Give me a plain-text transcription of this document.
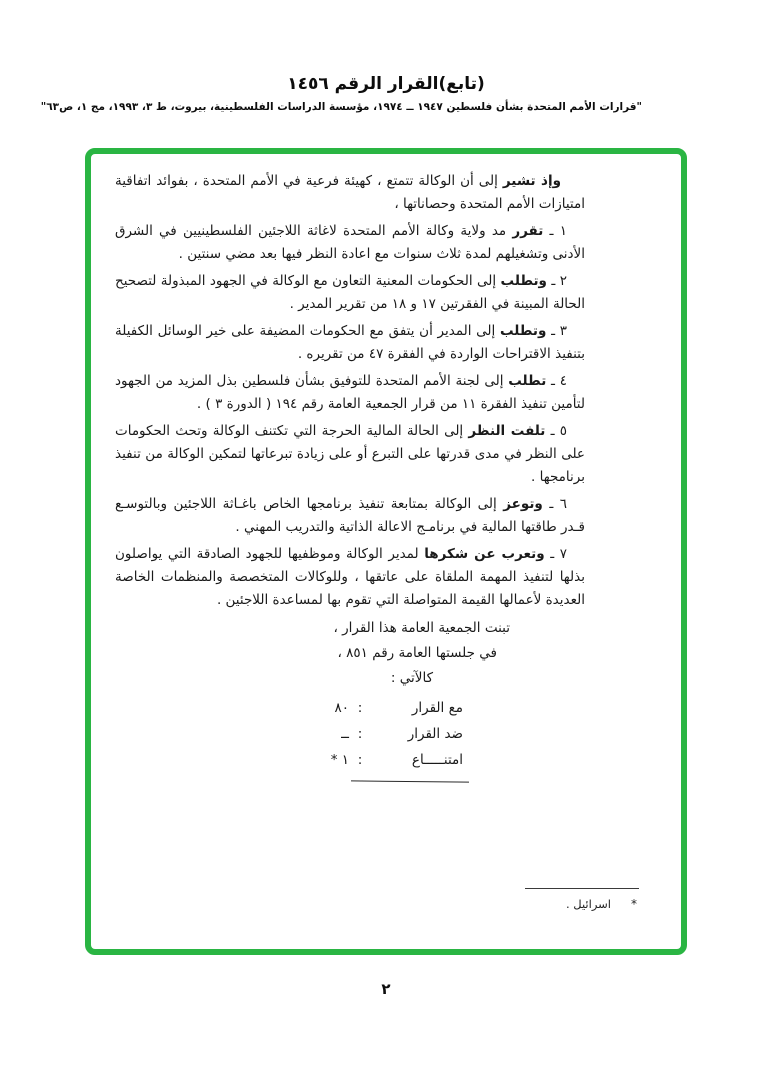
(تابع)القرار الرقم ١٤٥٦
"قرارات الأمم المتحدة بشأن فلسطين ١٩٤٧ ــ ١٩٧٤، مؤسسة الدراسات الفلسطينية، بيروت، ط ٣، ١٩٩٣، مج ١، ص٦٣"

وإذ تشير إلى أن الوكالة تتمتع ، كهيئة فرعية في الأمم المتحدة ، بفوائد اتفاقية امتيازات الأمم المتحدة وحصاناتها ،

١ ـ تقرر مد ولاية وكالة الأمم المتحدة لاغاثة اللاجئين الفلسطينيين في الشرق الأدنى وتشغيلهم لمدة ثلاث سنوات مع اعادة النظر فيها بعد مضي سنتين .

٢ ـ وتطلب إلى الحكومات المعنية التعاون مع الوكالة في الجهود المبذولة لتصحيح الحالة المبينة في الفقرتين ١٧ و ١٨ من تقرير المدير .

٣ ـ وتطلب إلى المدير أن يتفق مع الحكومات المضيفة على خير الوسائل الكفيلة بتنفيذ الاقتراحات الواردة في الفقرة ٤٧ من تقريره .

٤ ـ تطلب إلى لجنة الأمم المتحدة للتوفيق بشأن فلسطين بذل المزيد من الجهود لتأمين تنفيذ الفقرة ١١ من قرار الجمعية العامة رقم ١٩٤ ( الدورة ٣ ) .

٥ ـ تلفت النظر إلى الحالة المالية الحرجة التي تكتنف الوكالة وتحث الحكومات على النظر في مدى قدرتها على التبرع أو على زيادة تبرعاتها لتمكين الوكالة من تنفيذ برنامجها .

٦ ـ وتوعز إلى الوكالة بمتابعة تنفيذ برنامجها الخاص باغـاثة اللاجئين وبالتوسـع قـدر طاقتها المالية في برنامـج الاعالة الذاتية والتدريب المهني .

٧ ـ وتعرب عن شكرها لمدير الوكالة وموظفيها للجهود الصادقة التي يواصلون بذلها لتنفيذ المهمة الملقاة على عاتقها ، وللوكالات المتخصصة والمنظمات الخاصة العديدة لأعمالها القيمة المتواصلة التي تقوم بها لمساعدة اللاجئين .

تبنت الجمعية العامة هذا القرار ،
في جلستها العامة رقم ٨٥١ ،
كالآتي :
مع القرار
:
٨٠
ضد القرار
:
ــ
امتنـــــاع
:
١ *
*اسرائيل .
٢
